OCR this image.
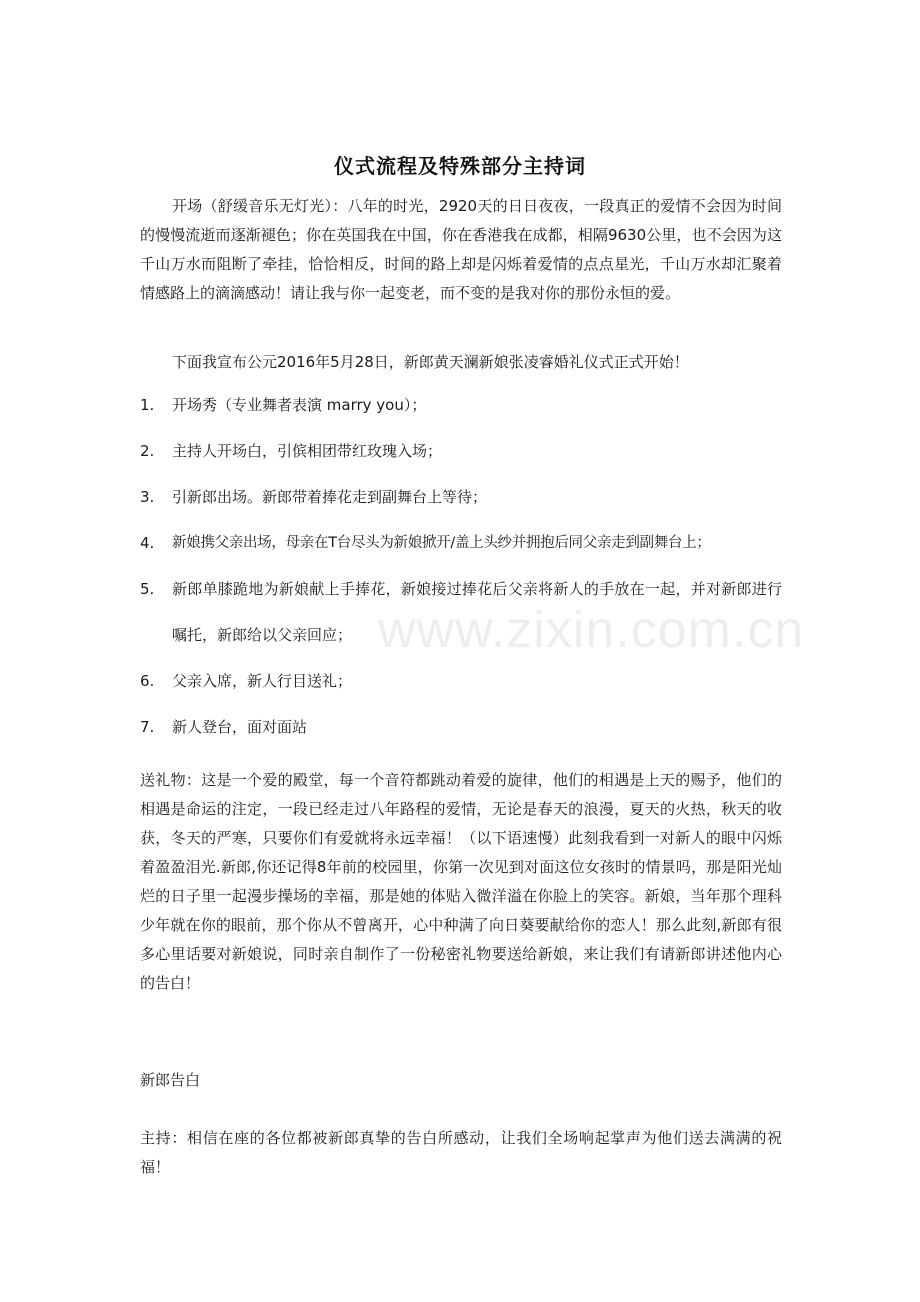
仪式流程及特殊部分主持词

开场（舒缓音乐无灯光）：八年的时光，2920天的日日夜夜，一段真正的爱情不会因为时间的慢慢流逝而逐渐褪色；你在英国我在中国，你在香港我在成都，相隔9630公里，也不会因为这千山万水而阻断了牵挂，恰恰相反，时间的路上却是闪烁着爱情的点点星光，千山万水却汇聚着情感路上的滴滴感动！请让我与你一起变老，而不变的是我对你的那份永恒的爱。

下面我宣布公元2016年5月28日，新郎黄天澜新娘张凌睿婚礼仪式正式开始！

1.	开场秀（专业舞者表演 marry you）；
2.	主持人开场白，引傧相团带红玫瑰入场；
3.	引新郎出场。新郎带着捧花走到副舞台上等待；
4.	新娘携父亲出场，母亲在T台尽头为新娘掀开/盖上头纱并拥抱后同父亲走到副舞台上；
5.	新郎单膝跪地为新娘献上手捧花，新娘接过捧花后父亲将新人的手放在一起，并对新郎进行嘱托，新郎给以父亲回应；
6.	父亲入席，新人行目送礼；
7.	新人登台，面对面站

送礼物：这是一个爱的殿堂，每一个音符都跳动着爱的旋律，他们的相遇是上天的赐予，他们的相遇是命运的注定，一段已经走过八年路程的爱情，无论是春天的浪漫，夏天的火热，秋天的收获，冬天的严寒，只要你们有爱就将永远幸福！（以下语速慢）此刻我看到一对新人的眼中闪烁着盈盈泪光.新郎,你还记得8年前的校园里，你第一次见到对面这位女孩时的情景吗，那是阳光灿烂的日子里一起漫步操场的幸福，那是她的体贴入微洋溢在你脸上的笑容。新娘，当年那个理科少年就在你的眼前，那个你从不曾离开，心中种满了向日葵要献给你的恋人！那么此刻,新郎有很多心里话要对新娘说，同时亲自制作了一份秘密礼物要送给新娘，来让我们有请新郎讲述他内心的告白！

新郎告白

主持：相信在座的各位都被新郎真挚的告白所感动，让我们全场响起掌声为他们送去满满的祝福！

www.zixin.com.cn
